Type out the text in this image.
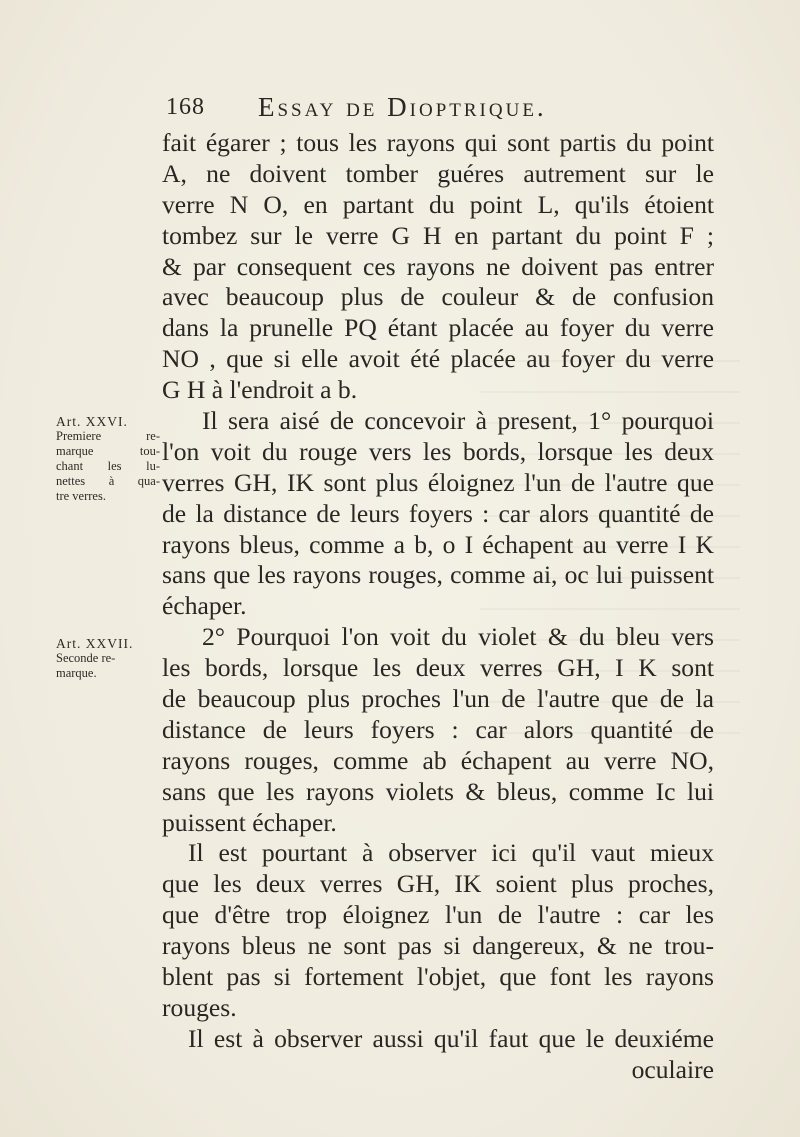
168 Essay de Dioptrique.
Art. XXVI.
Premiere re-
marque tou-
chant les lu-
nettes à qua-
tre verres.
Art. XXVII.
Seconde re-
marque.
fait égarer ; tous les rayons qui sont partis du point
A, ne doivent tomber guéres autrement sur le
verre N O, en partant du point L, qu'ils étoient
tombez sur le verre G H en partant du point F ;
& par consequent ces rayons ne doivent pas entrer
avec beaucoup plus de couleur & de confusion
dans la prunelle PQ étant placée au foyer du verre
NO , que si elle avoit été placée au foyer du verre
G H à l'endroit a b.
Il sera aisé de concevoir à present, 1° pourquoi
l'on voit du rouge vers les bords, lorsque les deux
verres GH, IK sont plus éloignez l'un de l'autre que
de la distance de leurs foyers : car alors quantité de
rayons bleus, comme a b, o I échapent au verre I K
sans que les rayons rouges, comme ai, oc lui puissent
échaper.
2° Pourquoi l'on voit du violet & du bleu vers
les bords, lorsque les deux verres GH, I K sont
de beaucoup plus proches l'un de l'autre que de la
distance de leurs foyers : car alors quantité de
rayons rouges, comme ab échapent au verre NO,
sans que les rayons violets & bleus, comme Ic lui
puissent échaper.
Il est pourtant à observer ici qu'il vaut mieux
que les deux verres GH, IK soient plus proches,
que d'être trop éloignez l'un de l'autre : car les
rayons bleus ne sont pas si dangereux, & ne trou-
blent pas si fortement l'objet, que font les rayons
rouges.
Il est à observer aussi qu'il faut que le deuxiéme
oculaire
